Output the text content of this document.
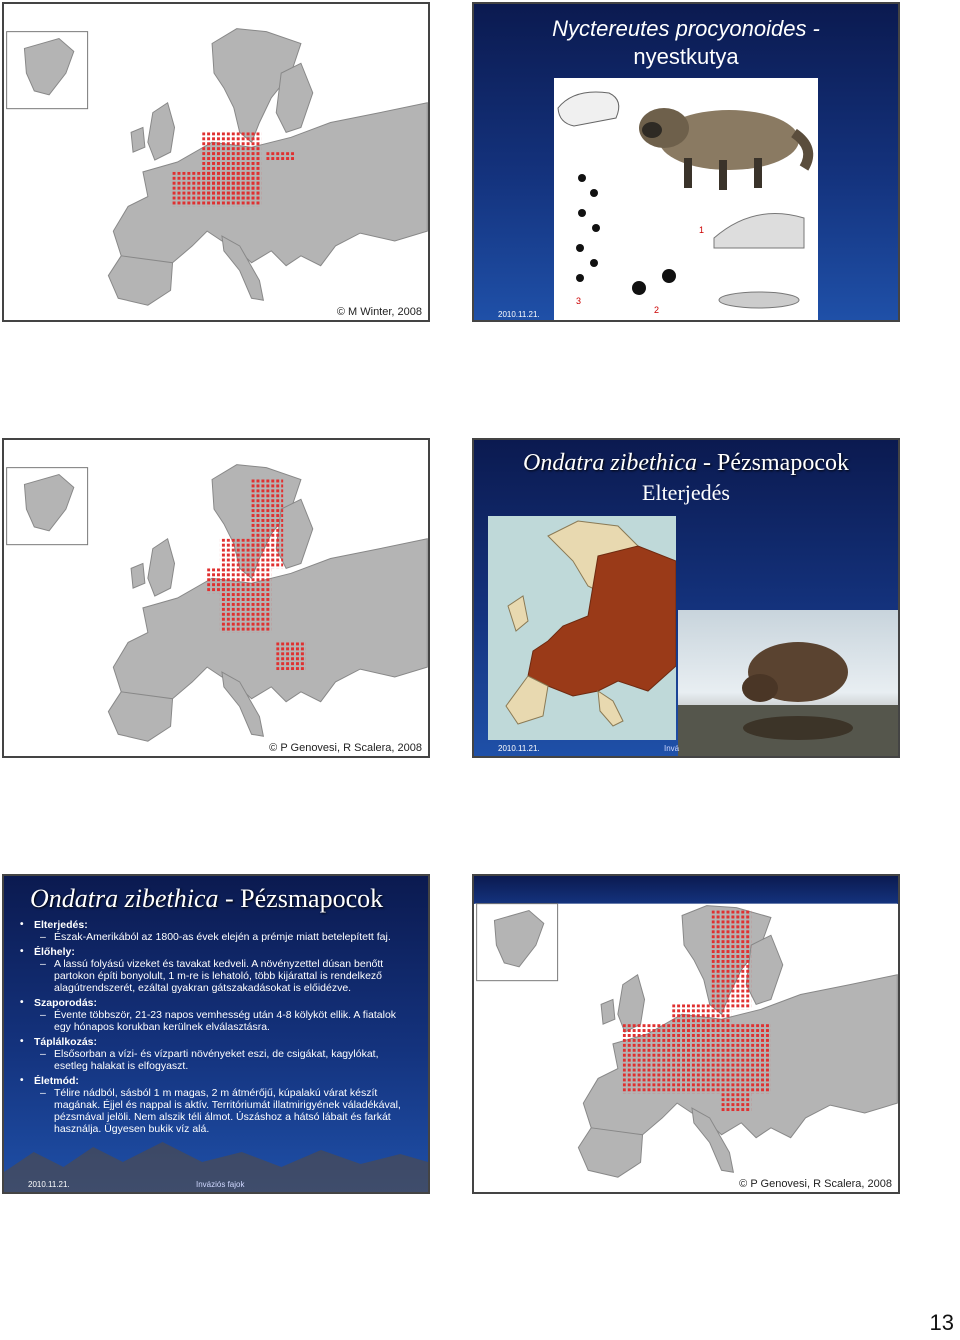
© M Winter, 2008
Nyctereutes procyonoides -
nyestkutya
1
2
3
2010.11.21.
© P Genovesi, R Scalera, 2008
Ondatra zibethica - Pézsmapocok
Elterjedés
2010.11.21.	Invá
Ondatra zibethica - Pézsmapocok
• Elterjedés:
– Észak-Amerikából az 1800-as évek elején a prémje miatt betelepített faj.
• Élőhely:
– A lassú folyású vizeket és tavakat kedveli. A növényzettel dúsan benőtt partokon építi bonyolult, 1 m-re is lehatoló, több kijárattal is rendelkező alagútrendszerét, ezáltal gyakran gátszakadásokat is előidézve.
• Szaporodás:
– Évente többször, 21-23 napos vemhesség után 4-8 kölyköt ellik. A fiatalok egy hónapos korukban kerülnek elválasztásra.
• Táplálkozás:
– Elsősorban a vízi- és vízparti növényeket eszi, de csigákat, kagylókat, esetleg halakat is elfogyaszt.
• Életmód:
– Télire nádból, sásból 1 m magas, 2 m átmérőjű, kúpalakú várat készít magának. Éjjel és nappal is aktív. Territóriumát illatmirigyének váladékával, pézsmával jelöli. Nem alszik téli álmot. Úszáshoz a hátsó lábait és farkát használja. Ügyesen bukik víz alá.
2010.11.21.	Inváziós fajok	© P Genovesi, R Scalera, 2008
13
